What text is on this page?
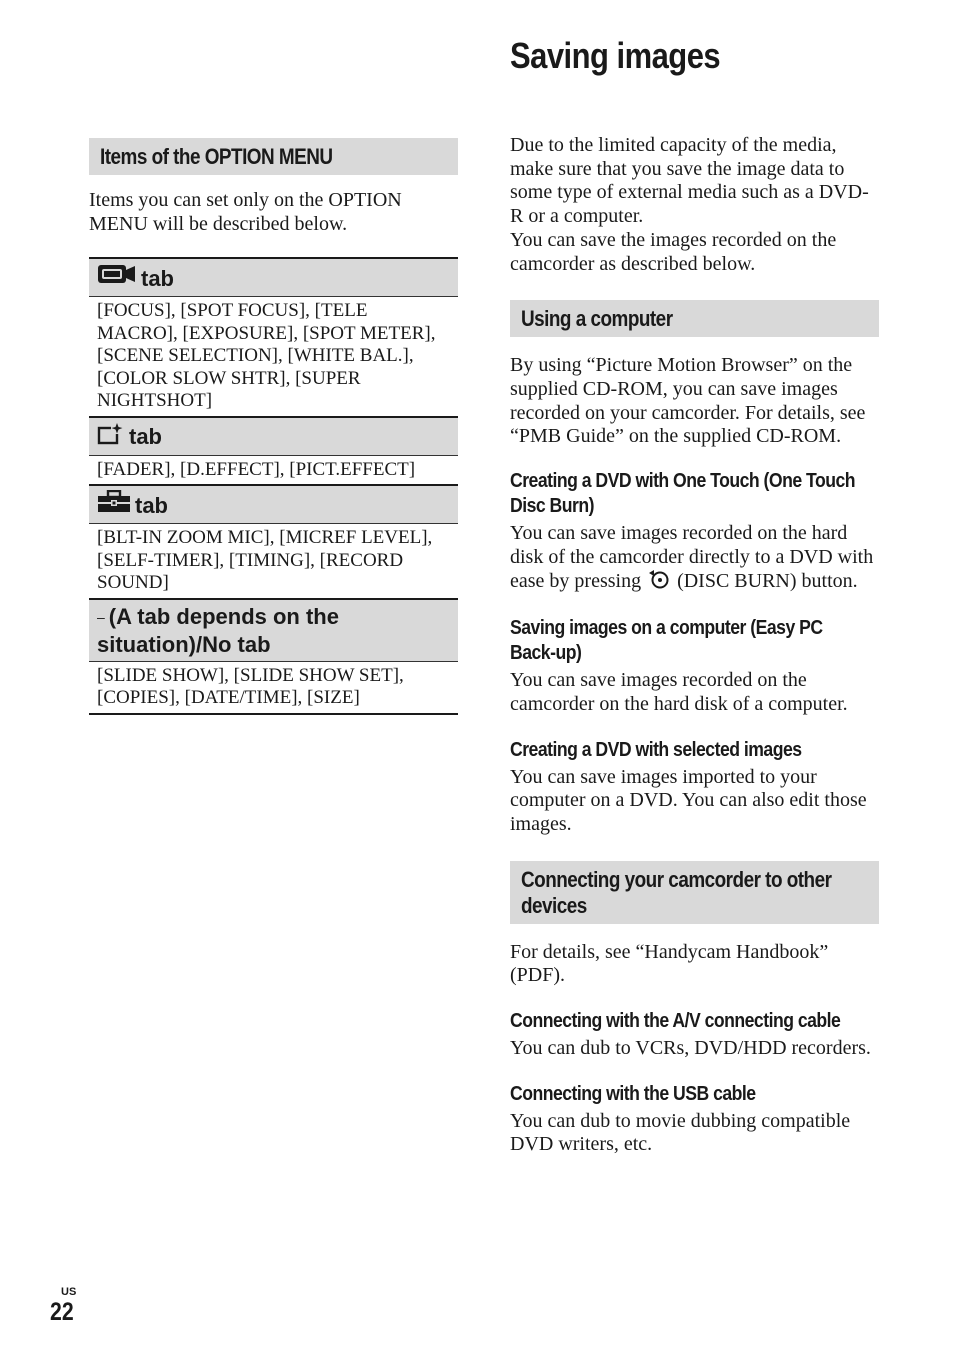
Saving images
Items of the OPTION MENU

Items you can set only on the OPTION MENU will be described below.

tab
[FOCUS], [SPOT FOCUS], [TELE MACRO], [EXPOSURE], [SPOT METER], [SCENE SELECTION], [WHITE BAL.], [COLOR SLOW SHTR], [SUPER NIGHTSHOT]
tab
[FADER], [D.EFFECT], [PICT.EFFECT]
tab
[BLT-IN ZOOM MIC], [MICREF LEVEL], [SELF-TIMER], [TIMING], [RECORD SOUND]
– (A tab depends on the situation)/No tab
[SLIDE SHOW], [SLIDE SHOW SET], [COPIES], [DATE/TIME], [SIZE]

Due to the limited capacity of the media, make sure that you save the image data to some type of external media such as a DVD-R or a computer.

You can save the images recorded on the camcorder as described below.

Using a computer

By using “Picture Motion Browser” on the supplied CD-ROM, you can save images recorded on your camcorder. For details, see “PMB Guide” on the supplied CD-ROM.

Creating a DVD with One Touch (One Touch
Disc Burn)

You can save images recorded on the hard disk of the camcorder directly to a DVD with ease by pressing (DISC BURN) button.

Saving images on a computer (Easy PC
Back-up)

You can save images recorded on the camcorder on the hard disk of a computer.

Creating a DVD with selected images

You can save images imported to your computer on a DVD. You can also edit those images.

Connecting your camcorder to other
devices

For details, see “Handycam Handbook” (PDF).

Connecting with the A/V connecting cable

You can dub to VCRs, DVD/HDD recorders.

Connecting with the USB cable

You can dub to movie dubbing compatible DVD writers, etc.

US
22
